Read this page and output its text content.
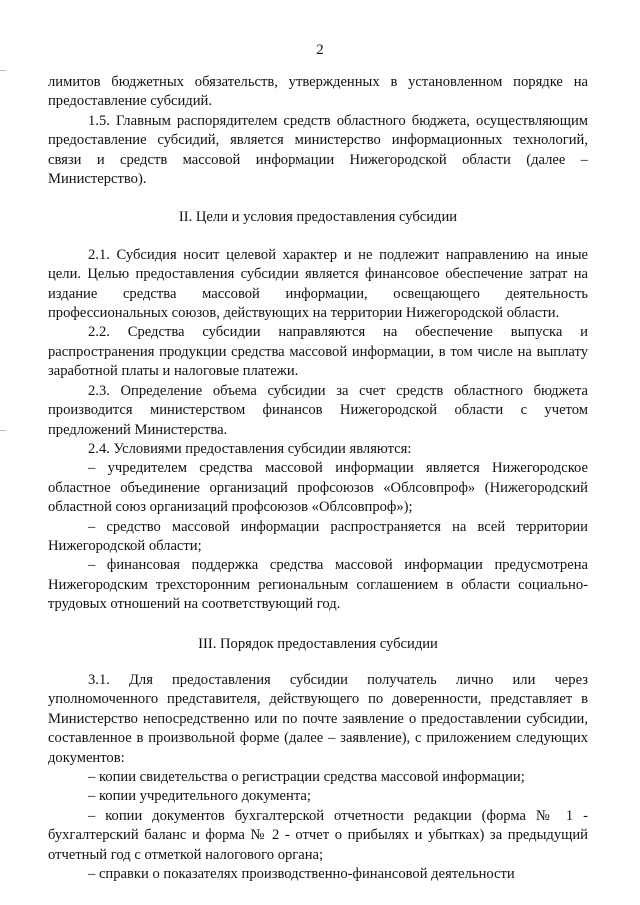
2

лимитов бюджетных обязательств, утвержденных в установленном порядке на предоставление субсидий.

1.5. Главным распорядителем средств областного бюджета, осуществляющим предоставление субсидий, является министерство информационных технологий, связи и средств массовой информации Нижегородской области (далее – Министерство).

II. Цели и условия предоставления субсидии

2.1. Субсидия носит целевой характер и не подлежит направлению на иные цели. Целью предоставления субсидии является финансовое обеспечение затрат на издание средства массовой информации, освещающего деятельность профессиональных союзов, действующих на территории Нижегородской области.

2.2. Средства субсидии направляются на обеспечение выпуска и распространения продукции средства массовой информации, в том числе на выплату заработной платы и налоговые платежи.

2.3. Определение объема субсидии за счет средств областного бюджета производится министерством финансов Нижегородской области с учетом предложений Министерства.

2.4. Условиями предоставления субсидии являются:

– учредителем средства массовой информации является Нижегородское областное объединение организаций профсоюзов «Облсовпроф» (Нижегородский областной союз организаций профсоюзов «Облсовпроф»);

– средство массовой информации распространяется на всей территории Нижегородской области;

– финансовая поддержка средства массовой информации предусмотрена Нижегородским трехсторонним региональным соглашением в области социально-трудовых отношений на соответствующий год.

III. Порядок предоставления субсидии

3.1. Для предоставления субсидии получатель лично или через уполномоченного представителя, действующего по доверенности, представляет в Министерство непосредственно или по почте заявление о предоставлении субсидии, составленное в произвольной форме (далее – заявление), с приложением следующих документов:

– копии свидетельства о регистрации средства массовой информации;

– копии учредительного документа;

– копии документов бухгалтерской отчетности редакции (форма № 1 - бухгалтерский баланс и форма № 2 - отчет о прибылях и убытках) за предыдущий отчетный год с отметкой налогового органа;

– справки о показателях производственно-финансовой деятельности
